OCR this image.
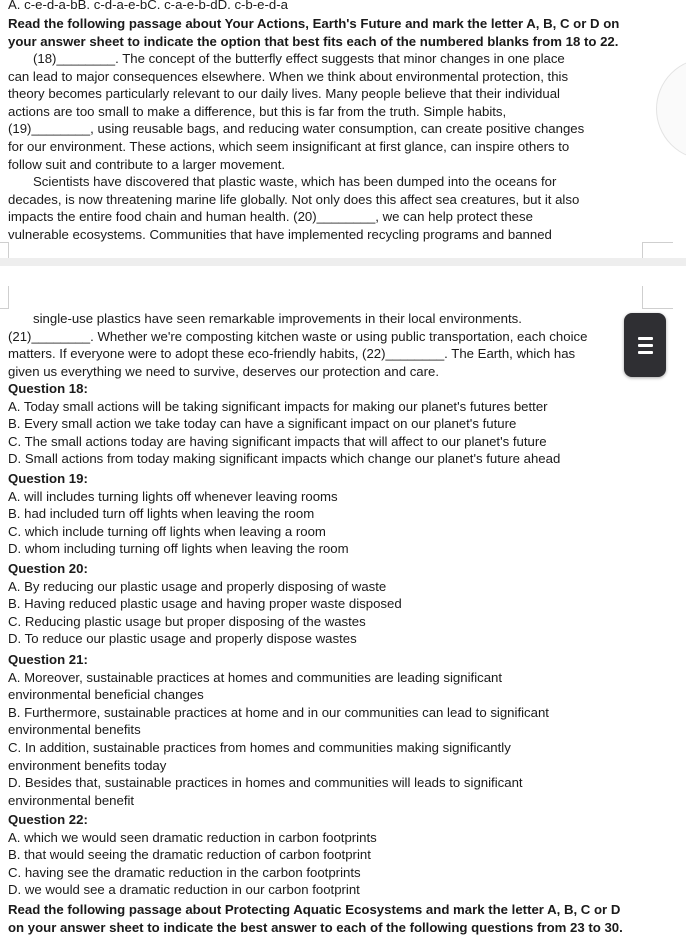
A. c-e-d-a-bB. c-d-a-e-bC. c-a-e-b-dD. c-b-e-d-a
Read the following passage about Your Actions, Earth's Future and mark the letter A, B, C or D on
your answer sheet to indicate the option that best fits each of the numbered blanks from 18 to 22.
(18)________. The concept of the butterfly effect suggests that minor changes in one place
can lead to major consequences elsewhere. When we think about environmental protection, this
theory becomes particularly relevant to our daily lives. Many people believe that their individual
actions are too small to make a difference, but this is far from the truth. Simple habits,
(19)________, using reusable bags, and reducing water consumption, can create positive changes
for our environment. These actions, which seem insignificant at first glance, can inspire others to
follow suit and contribute to a larger movement.
Scientists have discovered that plastic waste, which has been dumped into the oceans for
decades, is now threatening marine life globally. Not only does this affect sea creatures, but it also
impacts the entire food chain and human health. (20)________, we can help protect these
vulnerable ecosystems. Communities that have implemented recycling programs and banned
single-use plastics have seen remarkable improvements in their local environments.
(21)________. Whether we're composting kitchen waste or using public transportation, each choice
matters. If everyone were to adopt these eco-friendly habits, (22)________. The Earth, which has
given us everything we need to survive, deserves our protection and care.
Question 18:
A. Today small actions will be taking significant impacts for making our planet's futures better
B. Every small action we take today can have a significant impact on our planet's future
C. The small actions today are having significant impacts that will affect to our planet's future
D. Small actions from today making significant impacts which change our planet's future ahead
Question 19:
A. will includes turning lights off whenever leaving rooms
B. had included turn off lights when leaving the room
C. which include turning off lights when leaving a room
D. whom including turning off lights when leaving the room
Question 20:
A. By reducing our plastic usage and properly disposing of waste
B. Having reduced plastic usage and having proper waste disposed
C. Reducing plastic usage but proper disposing of the wastes
D. To reduce our plastic usage and properly dispose wastes
Question 21:
A. Moreover, sustainable practices at homes and communities are leading significant
environmental beneficial changes
B. Furthermore, sustainable practices at home and in our communities can lead to significant
environmental benefits
C. In addition, sustainable practices from homes and communities making significantly
environment benefits today
D. Besides that, sustainable practices in homes and communities will leads to significant
environmental benefit
Question 22:
A. which we would seen dramatic reduction in carbon footprints
B. that would seeing the dramatic reduction of carbon footprint
C. having see the dramatic reduction in the carbon footprints
D. we would see a dramatic reduction in our carbon footprint
Read the following passage about Protecting Aquatic Ecosystems and mark the letter A, B, C or D
on your answer sheet to indicate the best answer to each of the following questions from 23 to 30.
